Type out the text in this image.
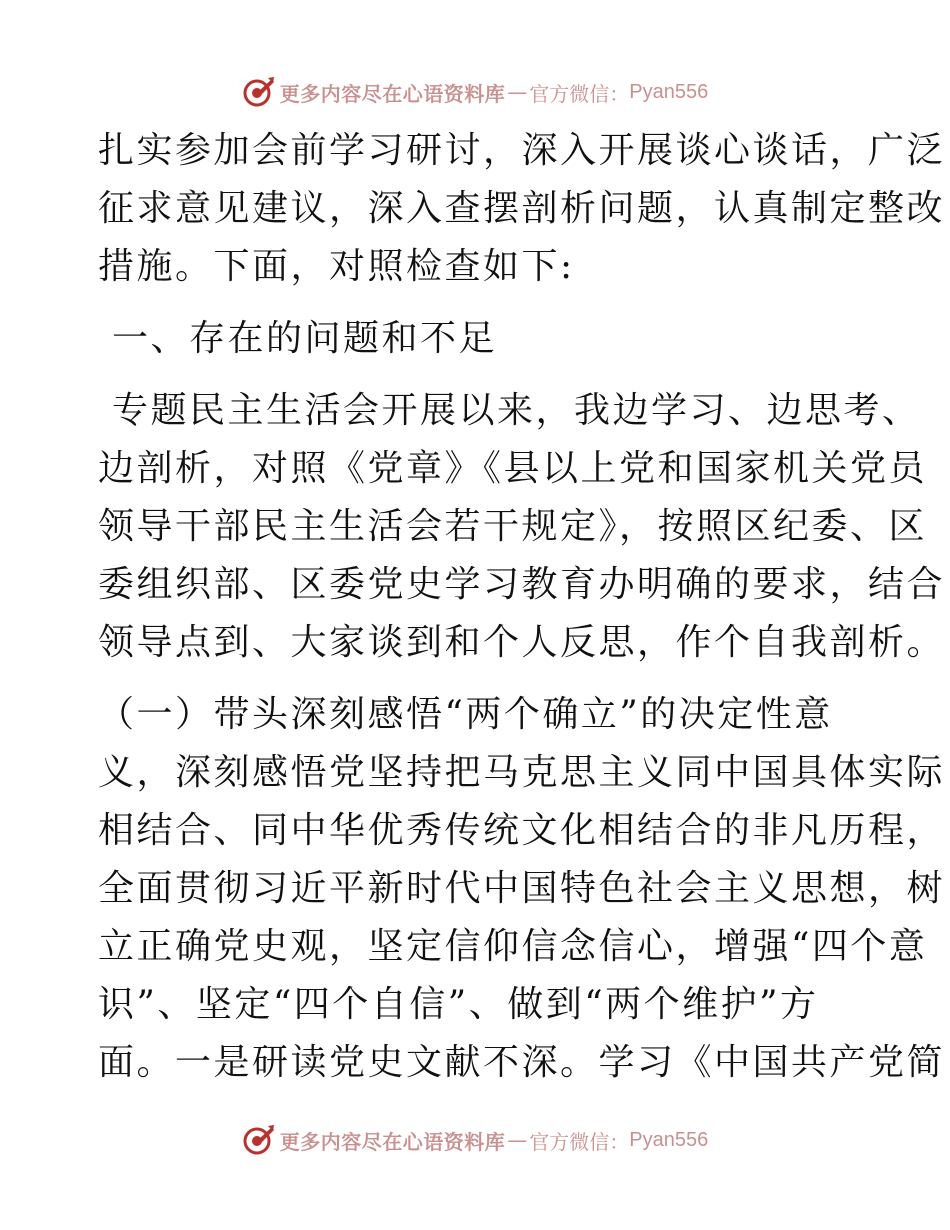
更多内容尽在心语资料库 — 官方微信： Pyan556
扎实参加会前学习研讨，深入开展谈心谈话，广泛
征求意见建议，深入查摆剖析问题，认真制定整改
措施。下面，对照检查如下:
一、存在的问题和不足
专题民主生活会开展以来，我边学习、边思考、
边剖析，对照《党章》《县以上党和国家机关党员
领导干部民主生活会若干规定》，按照区纪委、区
委组织部、区委党史学习教育办明确的要求，结合
领导点到、大家谈到和个人反思，作个自我剖析。
（一）带头深刻感悟“两个确立”的决定性意
义，深刻感悟党坚持把马克思主义同中国具体实际
相结合、同中华优秀传统文化相结合的非凡历程，
全面贯彻习近平新时代中国特色社会主义思想，树
立正确党史观，坚定信仰信念信心，增强“四个意
识”、坚定“四个自信”、做到“两个维护”方
面。一是研读党史文献不深。学习《中国共产党简
更多内容尽在心语资料库 — 官方微信： Pyan556
